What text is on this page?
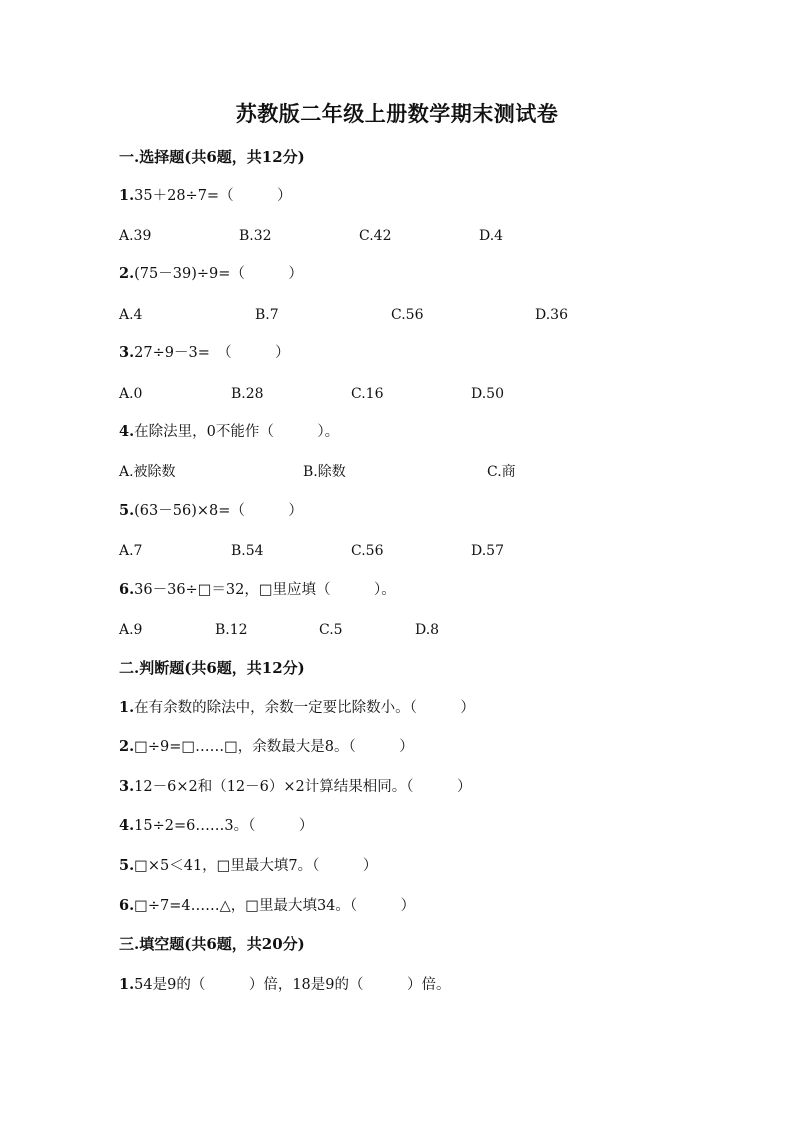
苏教版二年级上册数学期末测试卷
一.选择题(共6题，共12分)
1.35＋28÷7=（　　　）
A.39	B.32	C.42	D.4
2.(75－39)÷9=（　　　）
A.4	B.7	C.56	D.36
3.27÷9－3=　（　　　）
A.0	B.28	C.16	D.50
4.在除法里，0不能作（　　　）。
A.被除数	B.除数	C.商
5.(63－56)×8=（　　　）
A.7	B.54	C.56	D.57
6.36－36÷□＝32，□里应填（　　　）。
A.9	B.12	C.5	D.8
二.判断题(共6题，共12分)
1.在有余数的除法中，余数一定要比除数小。（　　　）
2.□÷9=□……□，余数最大是8。（　　　）
3.12－6×2和（12－6）×2计算结果相同。（　　　）
4.15÷2=6……3。（　　　）
5.□×5＜41，□里最大填7。（　　　）
6.□÷7=4……△，□里最大填34。（　　　）
三.填空题(共6题，共20分)
1.54是9的（　　　）倍，18是9的（　　　）倍。
